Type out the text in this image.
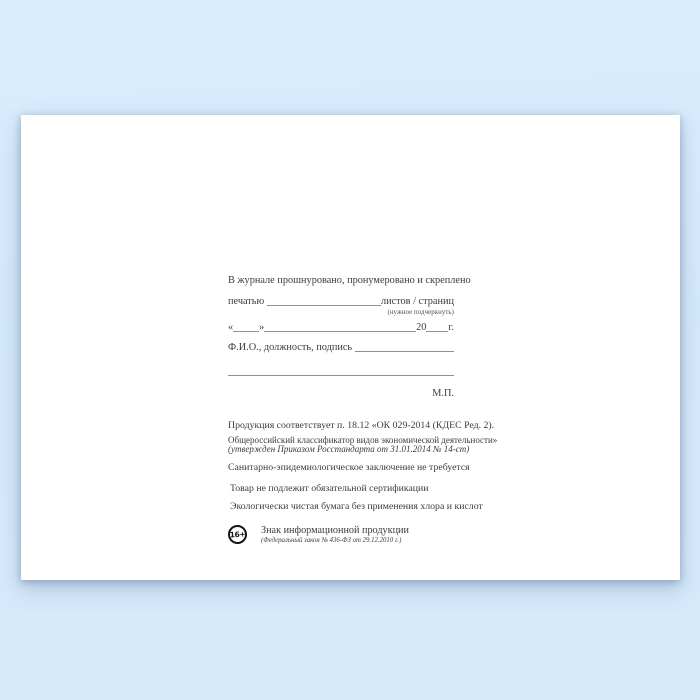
В журнале прошнуровано, пронумеровано и скреплено
печатью	листов / страниц
(нужное подчеркнуть)
«	»	20 г.
Ф.И.О., должность, подпись
М.П.
Продукция соответствует п. 18.12 «ОК 029-2014 (КДЕС Ред. 2).
Общероссийский классификатор видов экономической деятельности»
(утвержден Приказом Росстандарта от 31.01.2014 № 14-ст)
Санитарно-эпидемиологическое заключение не требуется
Товар не подлежит обязательной сертификации
Экологически чистая бумага без применения хлора и кислот
16+ Знак информационной продукции
(Федеральный закон № 436-ФЗ от 29.12.2010 г.)
